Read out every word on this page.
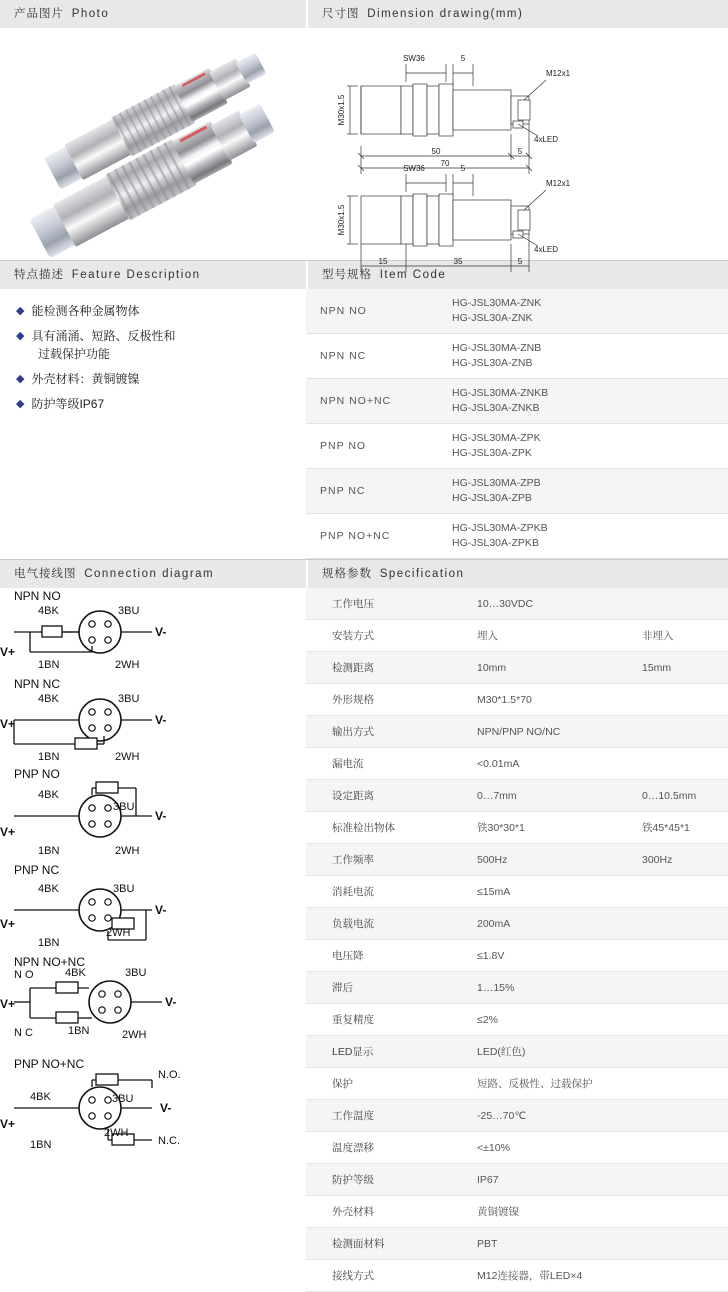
产品图片 Photo	尺寸图 Dimension drawing(mm)
SW36	5
M30x1.5
M12x1
4xLED
50	5
70
SW36	5
M30x1.5
M12x1
4xLED
15	35	5
特点描述 Feature Description	型号规格 Item Code
◆ 能检测各种金属物体
◆ 具有涌涌、短路、反极性和
过载保护功能
◆ 外壳材料：黄铜镀镍
◆ 防护等级IP67
NPN NO	HG-JSL30MA-ZNK
HG-JSL30A-ZNK

NPN NC	HG-JSL30MA-ZNB
HG-JSL30A-ZNB

NPN NO+NC	HG-JSL30MA-ZNKB
HG-JSL30A-ZNKB

PNP NO	HG-JSL30MA-ZPK
HG-JSL30A-ZPK

PNP NC	HG-JSL30MA-ZPB
HG-JSL30A-ZPB

PNP NO+NC	HG-JSL30MA-ZPKB
HG-JSL30A-ZPKB
电气接线图 Connection diagram	规格参数 Specification
NPN NO
4BK	3BU
1BN	2WH
V+
V-
NPN NC
4BK	3BU
1BN	2WH
V+	V-
PNP NO
4BK
3BU
1BN	2WH
V+
V-
PNP NC
4BK	3BU
1BN
2WH
V+
V-
NPN NO+NC
4BK	3BU
N O
N C	1BN	2WH
V+	V-
PNP NO+NC
4BK	3BU
N.O.
N.C.
1BN
2WH
V+
V-
工作电压	10…30VDC	
安装方式	埋入	非埋入
检测距离	10mm	15mm
外形规格	M30*1.5*70	
输出方式	NPN/PNP NO/NC	
漏电流	<0.01mA	
设定距离	0…7mm	0…10.5mm
标准检出物体	铁30*30*1	铁45*45*1
工作频率	500Hz	300Hz
消耗电流	≤15mA	
负载电流	200mA	
电压降	≤1.8V	
滞后	1…15%	
重复精度	≤2%	
LED显示	LED(红色)	
保护	短路、反极性、过载保护	
工作温度	-25…70℃	
温度漂移	<±10%	
防护等级	IP67	
外壳材料	黄铜镀镍	
检测面材料	PBT	
接线方式	M12连接器，带LED×4	
